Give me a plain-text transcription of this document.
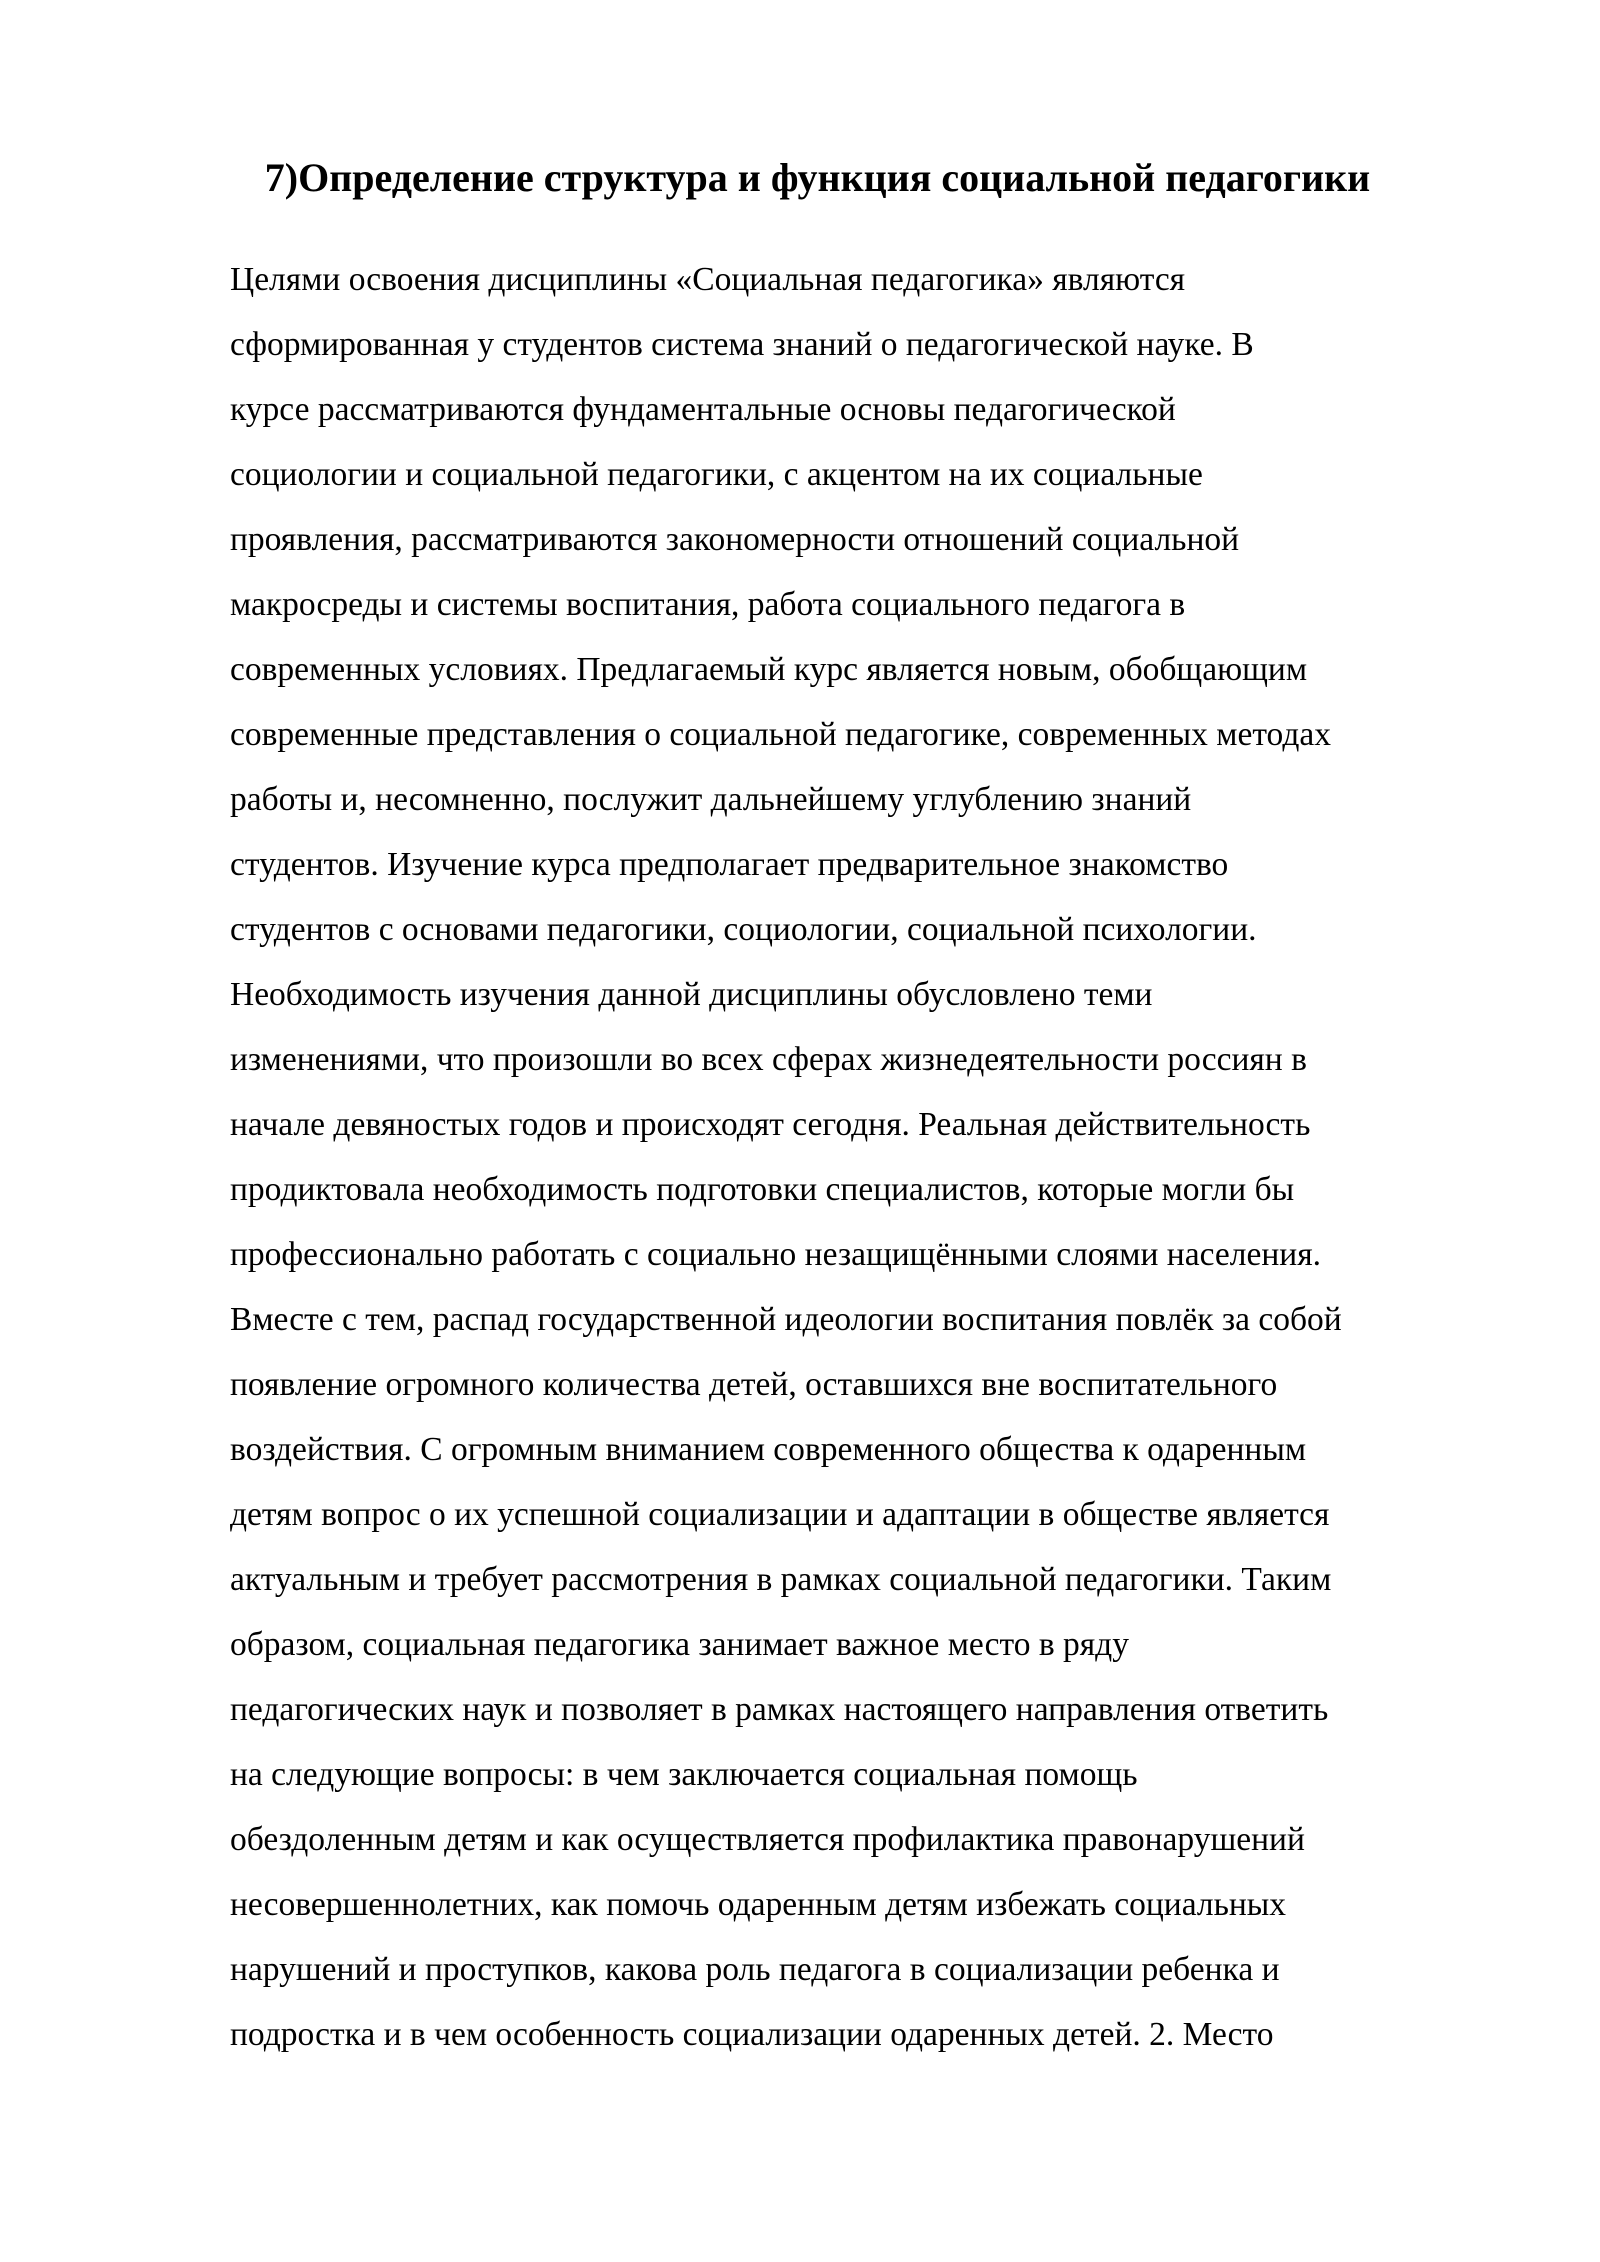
7)Определение структура и функция социальной педагогики
Целями освоения дисциплины «Социальная педагогика» являются
сформированная у студентов система знаний о педагогической науке. В
курсе рассматриваются фундаментальные основы педагогической
социологии и социальной педагогики, с акцентом на их социальные
проявления, рассматриваются закономерности отношений социальной
макросреды и системы воспитания, работа социального педагога в
современных условиях. Предлагаемый курс является новым, обобщающим
современные представления о социальной педагогике, современных методах
работы и, несомненно, послужит дальнейшему углублению знаний
студентов. Изучение курса предполагает предварительное знакомство
студентов с основами педагогики, социологии, социальной психологии.
Необходимость изучения данной дисциплины обусловлено теми
изменениями, что произошли во всех сферах жизнедеятельности россиян в
начале девяностых годов и происходят сегодня. Реальная действительность
продиктовала необходимость подготовки специалистов, которые могли бы
профессионально работать с социально незащищёнными слоями населения.
Вместе с тем, распад государственной идеологии воспитания повлёк за собой
появление огромного количества детей, оставшихся вне воспитательного
воздействия. С огромным вниманием современного общества к одаренным
детям вопрос о их успешной социализации и адаптации в обществе является
актуальным и требует рассмотрения в рамках социальной педагогики. Таким
образом, социальная педагогика занимает важное место в ряду
педагогических наук и позволяет в рамках настоящего направления ответить
на следующие вопросы: в чем заключается социальная помощь
обездоленным детям и как осуществляется профилактика правонарушений
несовершеннолетних, как помочь одаренным детям избежать социальных
нарушений и проступков, какова роль педагога в социализации ребенка и
подростка и в чем особенность социализации одаренных детей. 2. Место
